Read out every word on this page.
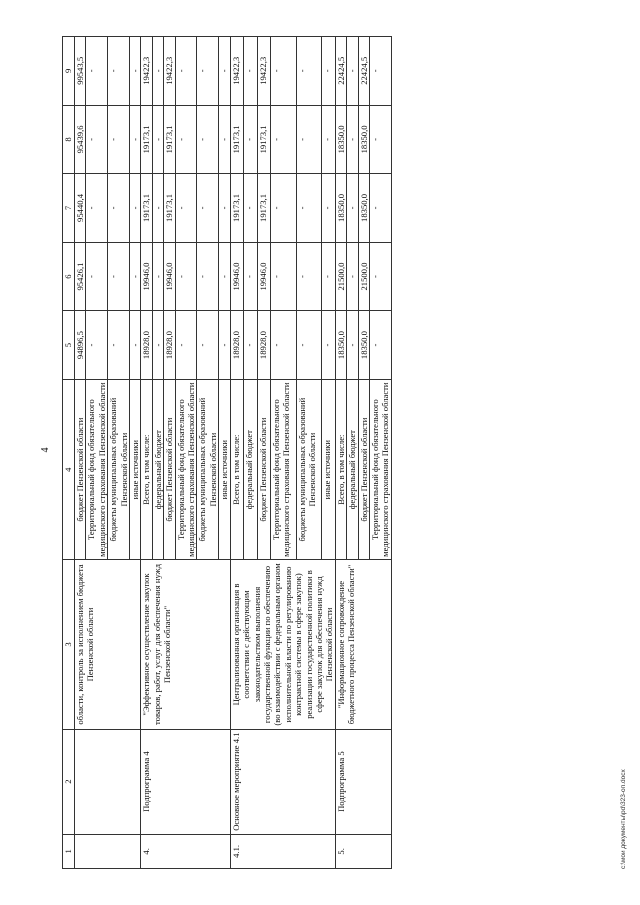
4
1	2	3	4	5	6	7	8	9
		области, контроль за исполнением бюджета Пензенской области	бюджет Пензенской области	94896,5	95426,1	95440,4	95439,6	99543,5
			Территориальный фонд обязательного медицинского страхования Пензенской области	-	-	-	-	-
			бюджеты муниципальных образований Пензенской области	-	-	-	-	-
			иные источники	-	-	-	-	-
4.	Подпрограмма 4	"Эффективное осуществление закупок товаров, работ, услуг для обеспечения нужд Пензенской области"	Всего, в том числе:	18928,0	19946,0	19173,1	19173,1	19422,3
			федеральный бюджет	-	-	-	-	-
			бюджет Пензенской области	18928,0	19946,0	19173,1	19173,1	19422,3
			Территориальный фонд обязательного медицинского страхования Пензенской области	-	-	-	-	-
			бюджеты муниципальных образований Пензенской области	-	-	-	-	-
			иные источники	-	-	-	-	-
4.1.	Основное мероприятие 4.1	Централизованная организация в соответствии с действующим законодательством выполнения государственной функции по обеспечению (во взаимодействии с федеральным органом исполнительной власти по регулированию контрактной системы в сфере закупок) реализации государственной политики в сфере закупок для обеспечения нужд Пензенской области	Всего, в том числе:	18928,0	19946,0	19173,1	19173,1	19422,3
			федеральный бюджет	-	-	-	-	-
			бюджет Пензенской области	18928,0	19946,0	19173,1	19173,1	19422,3
			Территориальный фонд обязательного медицинского страхования Пензенской области	-	-	-	-	-
			бюджеты муниципальных образований Пензенской области	-	-	-	-	-
			иные источники	-	-	-	-	-
5.	Подпрограмма 5	"Информационное сопровождение бюджетного процесса Пензенской области"	Всего, в том числе:	18350,0	21500,0	18350,0	18350,0	22424,5
			федеральный бюджет	-	-	-	-	-
			бюджет Пензенской области	18350,0	21500,0	18350,0	18350,0	22424,5
			Территориальный фонд обязательного медицинского страхования Пензенской области	-	-	-	-	-
c:\мои документы\pd\323-оп.docx
